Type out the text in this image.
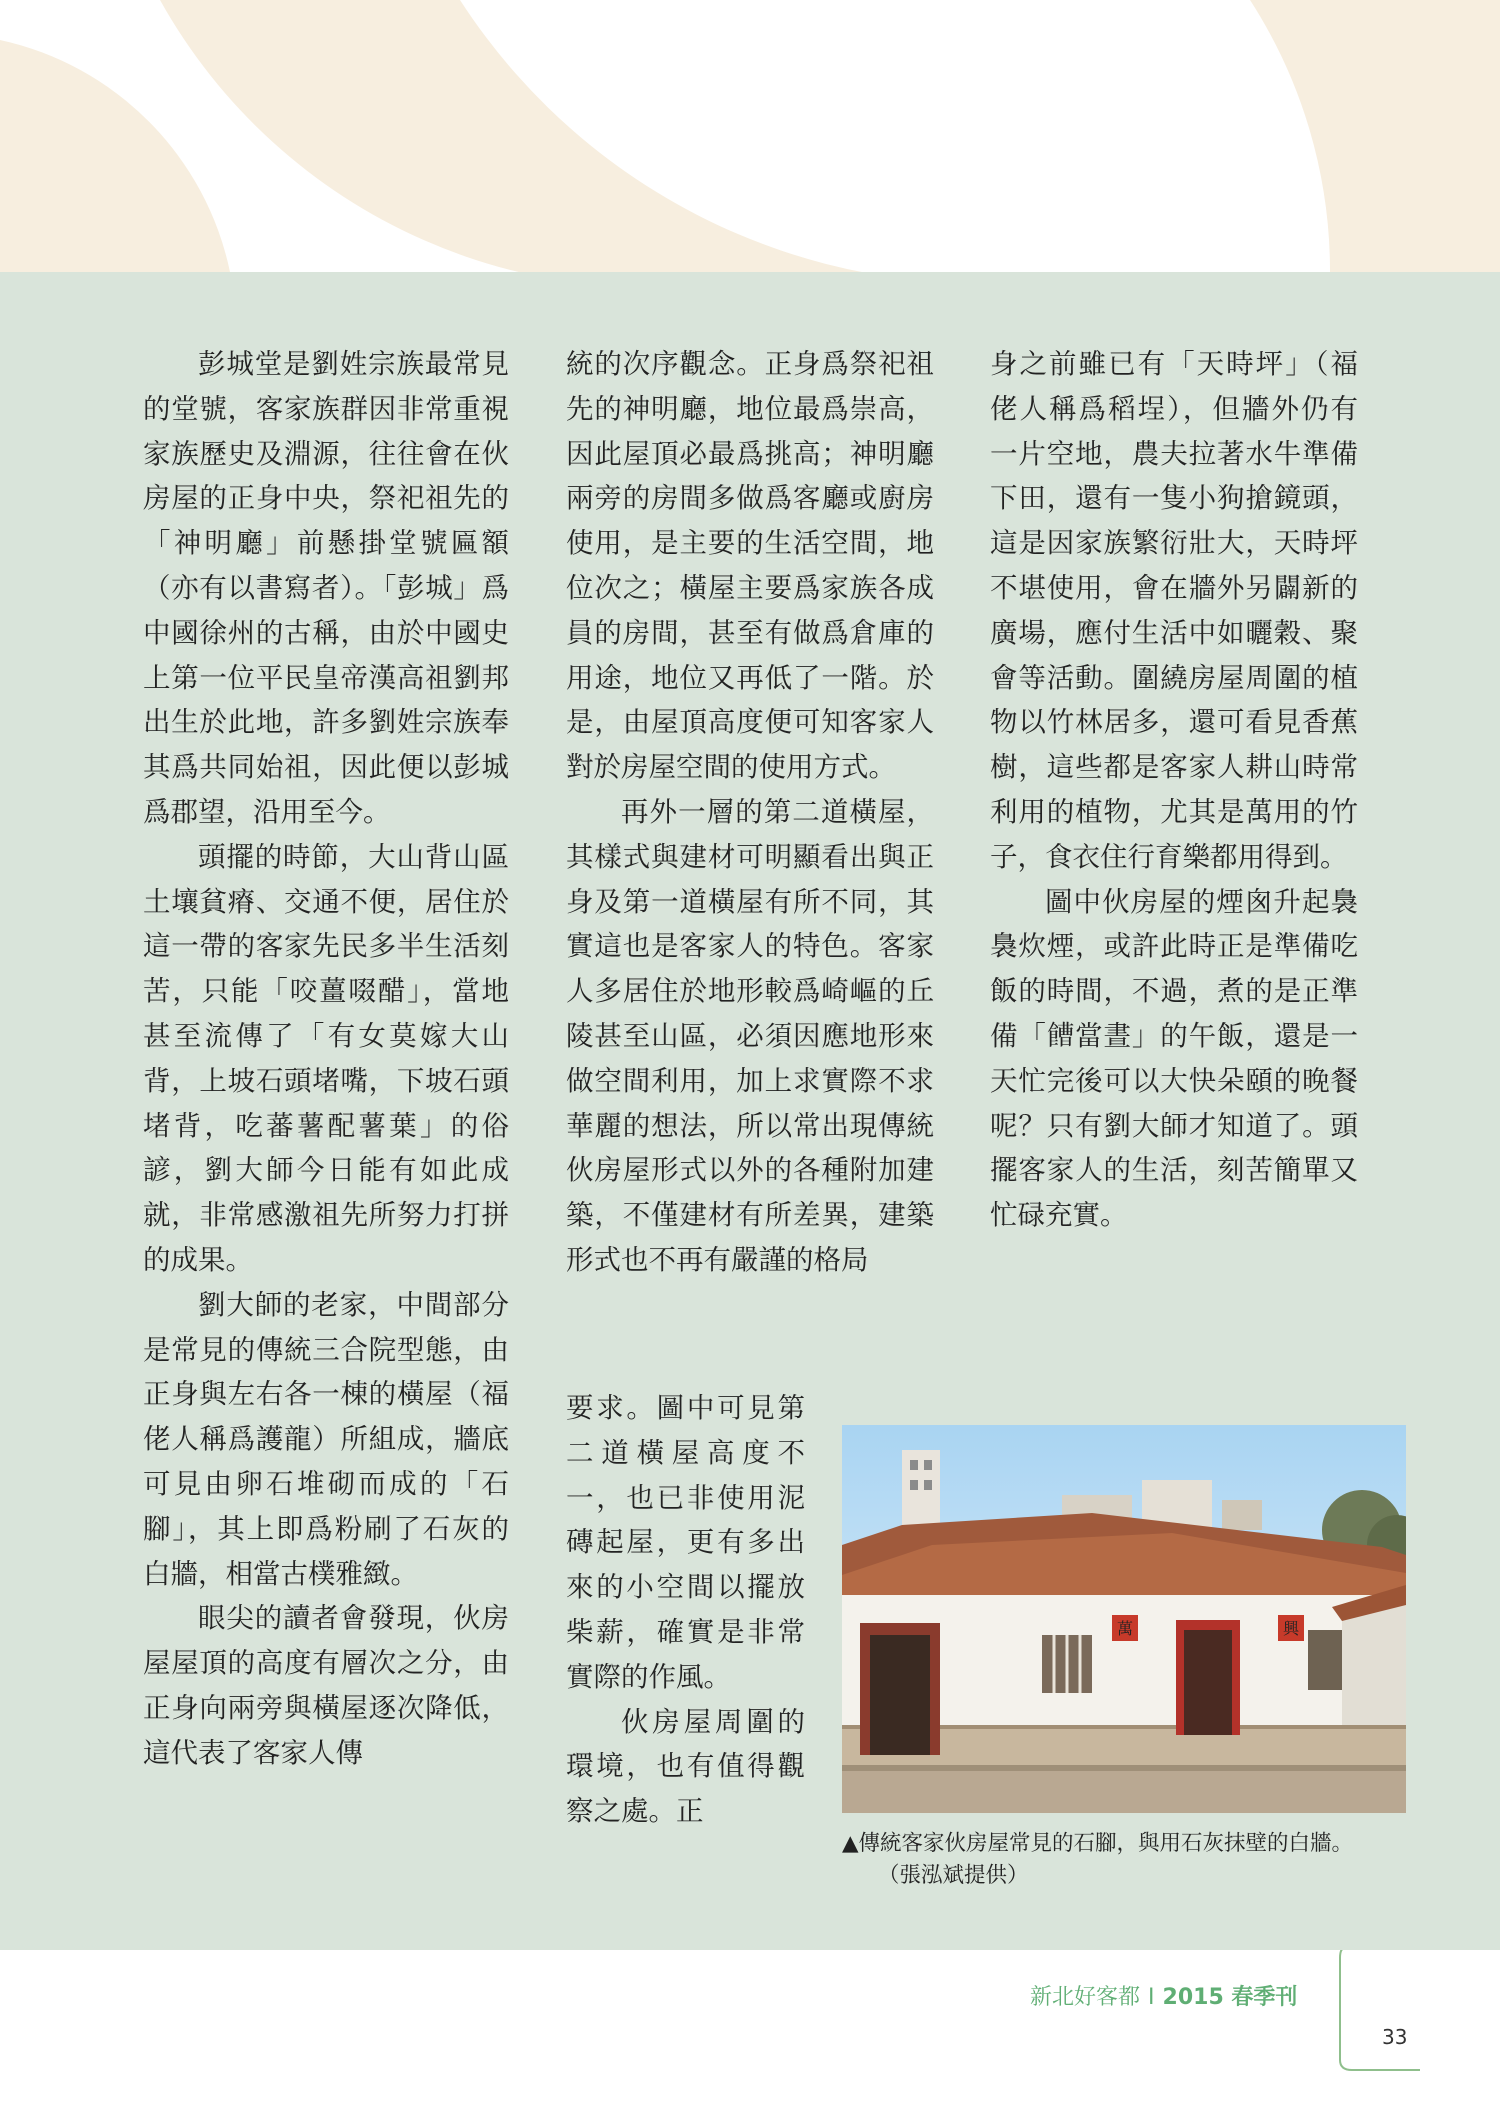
彭城堂是劉姓宗族最常見的堂號，客家族群因非常重視家族歷史及淵源，往往會在伙房屋的正身中央，祭祀祖先的「神明廳」前懸掛堂號匾額（亦有以書寫者）。「彭城」爲中國徐州的古稱，由於中國史上第一位平民皇帝漢高祖劉邦出生於此地，許多劉姓宗族奉其爲共同始祖，因此便以彭城爲郡望，沿用至今。

頭擺的時節，大山背山區土壤貧瘠、交通不便，居住於這一帶的客家先民多半生活刻苦，只能「咬薑啜醋」，當地甚至流傳了「有女莫嫁大山背，上坡石頭堵嘴，下坡石頭堵背，吃蕃薯配薯葉」的俗諺，劉大師今日能有如此成就，非常感激祖先所努力打拼的成果。

劉大師的老家，中間部分是常見的傳統三合院型態，由正身與左右各一棟的橫屋（福佬人稱爲護龍）所組成，牆底可見由卵石堆砌而成的「石腳」，其上即爲粉刷了石灰的白牆，相當古樸雅緻。

眼尖的讀者會發現，伙房屋屋頂的高度有層次之分，由正身向兩旁與橫屋逐次降低，這代表了客家人傳

統的次序觀念。正身爲祭祀祖先的神明廳，地位最爲崇高，因此屋頂必最爲挑高；神明廳兩旁的房間多做爲客廳或廚房使用，是主要的生活空間，地位次之；橫屋主要爲家族各成員的房間，甚至有做爲倉庫的用途，地位又再低了一階。於是，由屋頂高度便可知客家人對於房屋空間的使用方式。

再外一層的第二道橫屋，其樣式與建材可明顯看出與正身及第一道橫屋有所不同，其實這也是客家人的特色。客家人多居住於地形較爲崎嶇的丘陵甚至山區，必須因應地形來做空間利用，加上求實際不求華麗的想法，所以常出現傳統伙房屋形式以外的各種附加建築，不僅建材有所差異，建築形式也不再有嚴謹的格局

要求。圖中可見第二道橫屋高度不一，也已非使用泥磚起屋，更有多出來的小空間以擺放柴薪，確實是非常實際的作風。

伙房屋周圍的環境，也有值得觀察之處。正

身之前雖已有「天時坪」（福佬人稱爲稻埕），但牆外仍有一片空地，農夫拉著水牛準備下田，還有一隻小狗搶鏡頭，這是因家族繁衍壯大，天時坪不堪使用，會在牆外另闢新的廣場，應付生活中如曬穀、聚會等活動。圍繞房屋周圍的植物以竹林居多，還可看見香蕉樹，這些都是客家人耕山時常利用的植物，尤其是萬用的竹子，食衣住行育樂都用得到。

圖中伙房屋的煙囪升起裊裊炊煙，或許此時正是準備吃飯的時間，不過，煮的是正準備「𩞄當晝」的午飯，還是一天忙完後可以大快朵頤的晚餐呢？只有劉大師才知道了。頭擺客家人的生活，刻苦簡單又忙碌充實。

萬	興
▲傳統客家伙房屋常見的石腳，與用石灰抹壁的白牆。
（張泓斌提供）
新北好客都 I 2015 春季刊
33
